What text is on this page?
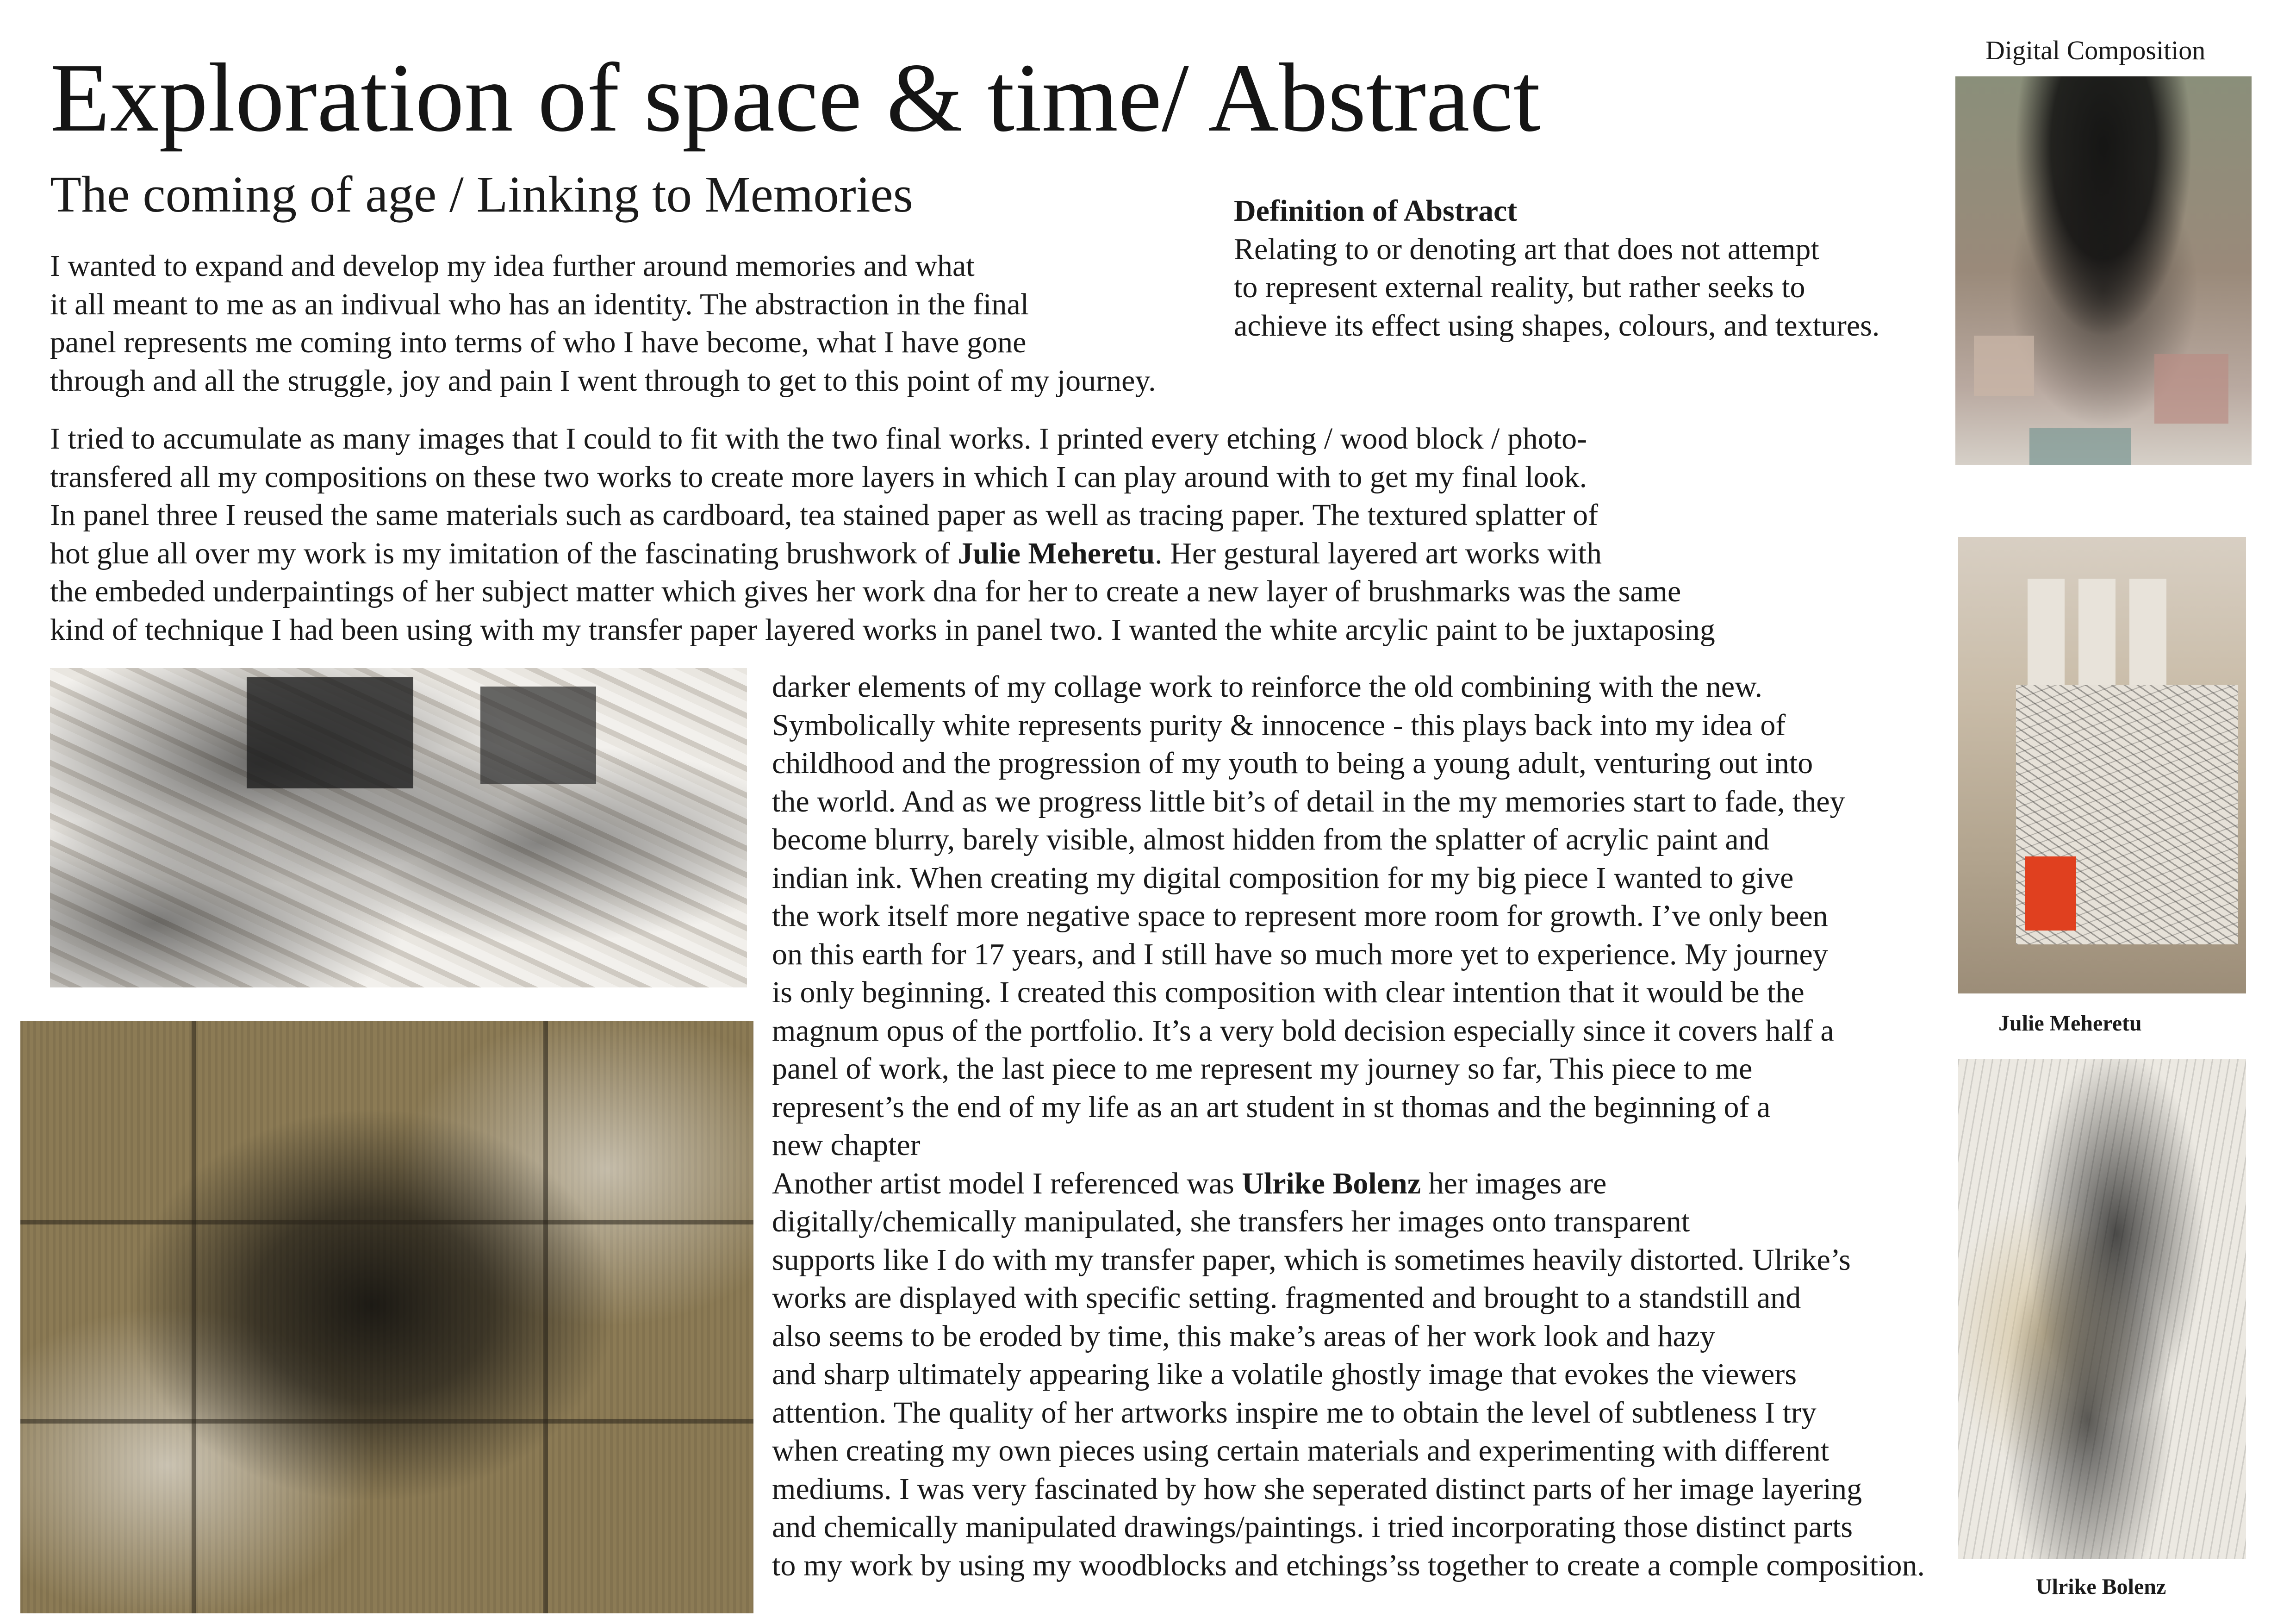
Exploration of space & time/ Abstract
The coming of age / Linking to Memories
Digital Composition
I wanted to expand and develop my idea further around memories and what
it all meant to me as an indivual who has an identity. The abstraction in the final
panel represents me coming into terms of who I have become, what I have gone
through and all the struggle, joy and pain I went through to get to this point of my journey.
Definition of Abstract
Relating to or denoting art that does not attempt
to represent external reality, but rather seeks to
achieve its effect using shapes, colours, and textures.
I tried to accumulate as many images that I could to fit with the two final works. I printed every etching / wood block / photo-
transfered all my compositions on these two works to create more layers in which I can play around with to get my final look.
In panel three I reused the same materials such as cardboard, tea stained paper as well as tracing paper. The textured splatter of
hot glue all over my work is my imitation of the fascinating brushwork of Julie Meheretu. Her gestural layered art works with
the embeded underpaintings of her subject matter which gives her work dna for her to create a new layer of brushmarks was the same
kind of technique I had been using with my transfer paper layered works in panel two. I wanted the white arcylic paint to be juxtaposing
darker elements of my collage work to reinforce the old combining with the new.
Symbolically white represents purity & innocence - this plays back into my idea of
childhood and the progression of my youth to being a young adult, venturing out into
the world. And as we progress little bit’s of detail in the my memories start to fade, they
become blurry, barely visible, almost hidden from the splatter of acrylic paint and
indian ink. When creating my digital composition for my big piece I wanted to give
the work itself more negative space to represent more room for growth. I’ve only been
on this earth for 17 years, and I still have so much more yet to experience. My journey
is only beginning. I created this composition with clear intention that it would be the
magnum opus of the portfolio. It’s a very bold decision especially since it covers half a
panel of work, the last piece to me represent my journey so far, This piece to me
represent’s the end of my life as an art student in st thomas and the beginning of a
new chapter
Another artist model I referenced was Ulrike Bolenz her images are
digitally/chemically manipulated, she transfers her images onto transparent
supports like I do with my transfer paper, which is sometimes heavily distorted. Ulrike’s
works are displayed with specific setting. fragmented and brought to a standstill and
also seems to be eroded by time, this make’s areas of her work look and hazy
and sharp ultimately appearing like a volatile ghostly image that evokes the viewers
attention. The quality of her artworks inspire me to obtain the level of subtleness I try
when creating my own pieces using certain materials and experimenting with different
mediums. I was very fascinated by how she seperated distinct parts of her image layering
and chemically manipulated drawings/paintings. i tried incorporating those distinct parts
to my work by using my woodblocks and etchings’ss together to create a comple composition.
Julie Meheretu
Ulrike Bolenz
